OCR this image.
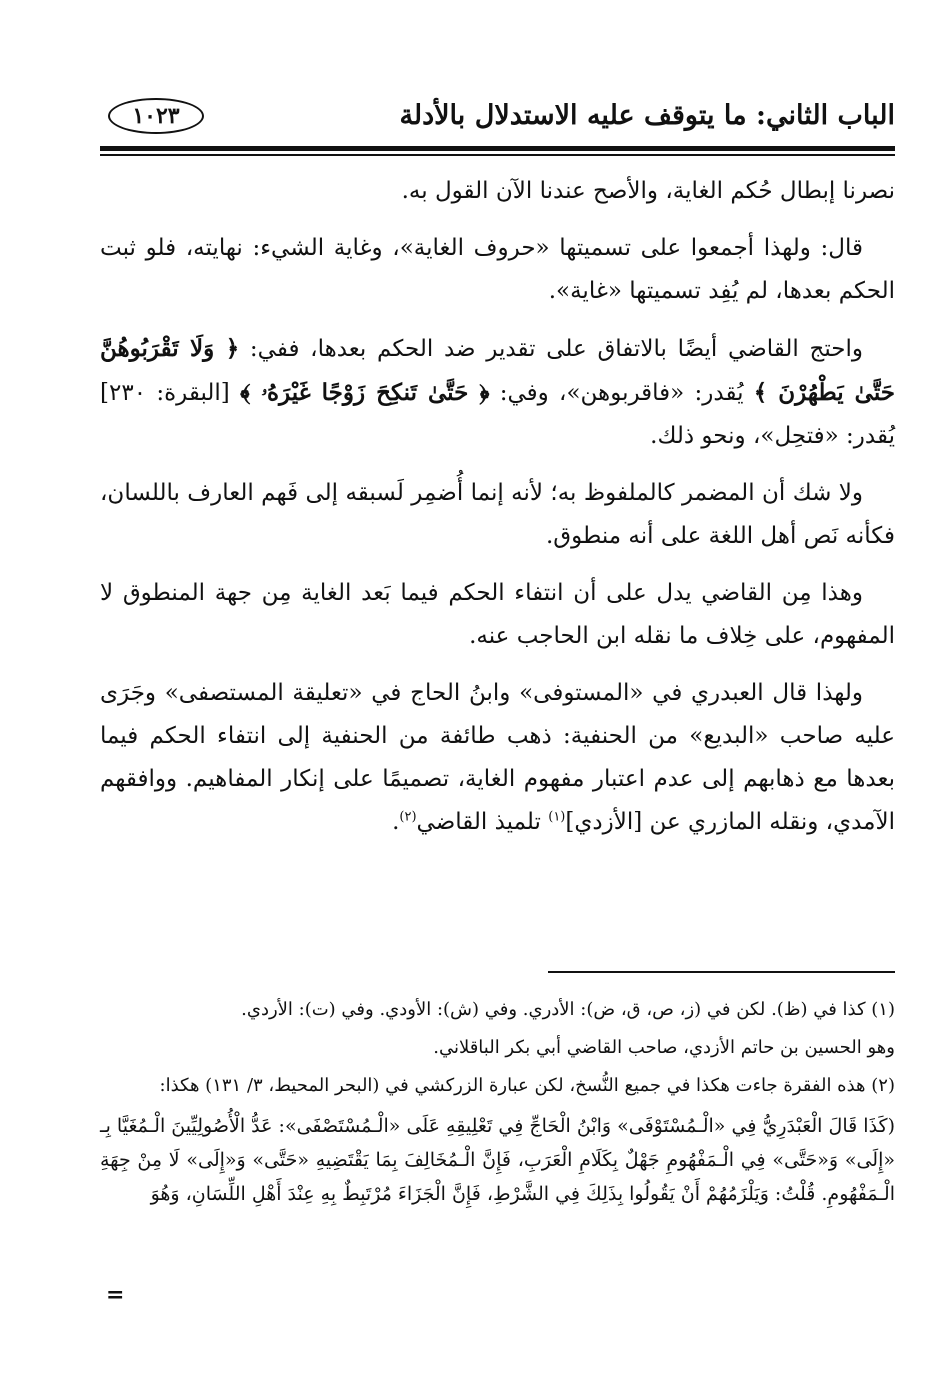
الباب الثاني: ما يتوقف عليه الاستدلال بالأدلة
١٠٢٣

نصرنا إبطال حُكم الغاية، والأصح عندنا الآن القول به.

قال: ولهذا أجمعوا على تسميتها «حروف الغاية»، وغاية الشيء: نهايته، فلو ثبت الحكم بعدها، لم يُفِد تسميتها «غاية».

واحتج القاضي أيضًا بالاتفاق على تقدير ضد الحكم بعدها، ففي: ﴿ وَلَا تَقْرَبُوهُنَّ حَتَّىٰ يَطْهُرْنَ ﴾ يُقدر: «فاقربوهن»، وفي: ﴿ حَتَّىٰ تَنكِحَ زَوْجًا غَيْرَهُۥ ﴾ [البقرة: ٢٣٠] يُقدر: «فتحِل»، ونحو ذلك.

ولا شك أن المضمر كالملفوظ به؛ لأنه إنما أُضمِر لَسبقه إلى فَهم العارف باللسان، فكأنه نَص أهل اللغة على أنه منطوق.

وهذا مِن القاضي يدل على أن انتفاء الحكم فيما بَعد الغاية مِن جهة المنطوق لا المفهوم، على خِلاف ما نقله ابن الحاجب عنه.

ولهذا قال العبدري في «المستوفى» وابنُ الحاج في «تعليقة المستصفى» وجَرَى عليه صاحب «البديع» من الحنفية: ذهب طائفة من الحنفية إلى انتفاء الحكم فيما بعدها مع ذهابهم إلى عدم اعتبار مفهوم الغاية، تصميمًا على إنكار المفاهيم. ووافقهم الآمدي، ونقله المازري عن [الأزدي]$^{(١)}$ تلميذ القاضي$^{(٢)}$.

(١) كذا في (ظ). لكن في (ز، ص، ق، ض): الأدري. وفي (ش): الأودي. وفي (ت): الأردي.

وهو الحسين بن حاتم الأزدي، صاحب القاضي أبي بكر الباقلاني.

(٢) هذه الفقرة جاءت هكذا في جميع النُّسخ، لكن عبارة الزركشي في (البحر المحيط، ٣/ ١٣١) هكذا:

(كَذَا قَالَ الْعَبْدَرِيُّ فِي «الْـمُسْتَوْفَى» وَابْنُ الْحَاجِّ فِي تَعْلِيقِهِ عَلَى «الْـمُسْتَصْفَى»: عَدُّ الْأُصُولِيِّينَ الْـمُغَيَّا بِـ «إِلَى» وَ«حَتَّى» فِي الْـمَفْهُومِ جَهْلٌ بِكَلَامِ الْعَرَبِ، فَإِنَّ الْـمُخَالِفَ بِمَا يَقْتَضِيهِ «حَتَّى» وَ«إِلَى» لَا مِنْ جِهَةِ الْـمَفْهُومِ. قُلْتُ: وَيَلْزَمُهُمْ أَنْ يَقُولُوا بِذَلِكَ فِي الشَّرْطِ، فَإِنَّ الْجَزَاءَ مُرْتَبِطٌ بِهِ عِنْدَ أَهْلِ اللِّسَانِ، وَهُوَ

=
